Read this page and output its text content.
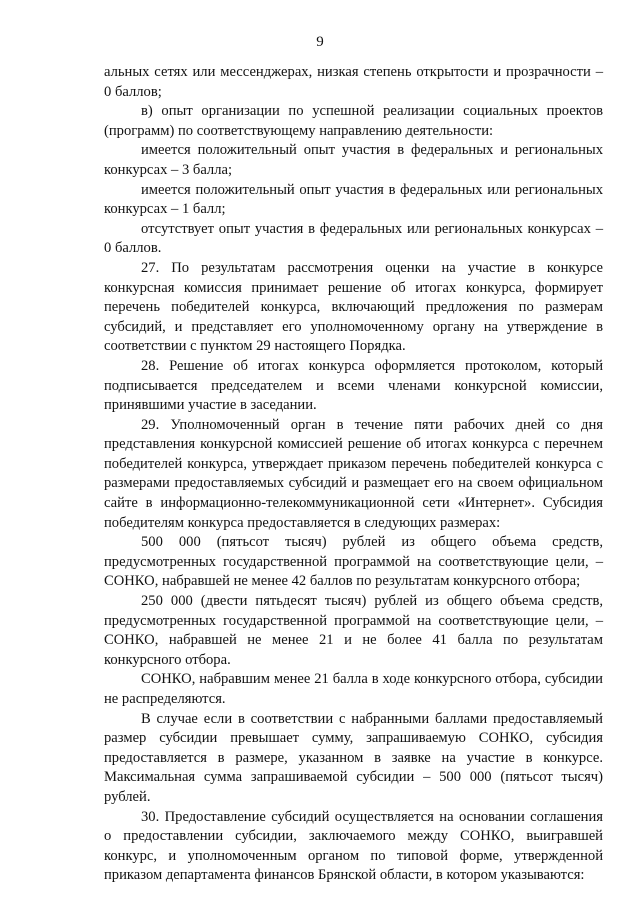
9

альных сетях или мессенджерах, низкая степень открытости и прозрачности – 0 баллов;

в) опыт организации по успешной реализации социальных проектов (программ) по соответствующему направлению деятельности:

имеется положительный опыт участия в федеральных и региональных конкурсах – 3 балла;

имеется положительный опыт участия в федеральных или региональных конкурсах – 1 балл;

отсутствует опыт участия в федеральных или региональных конкурсах – 0 баллов.

27. По результатам рассмотрения оценки на участие в конкурсе конкурсная комиссия принимает решение об итогах конкурса, формирует перечень победителей конкурса, включающий предложения по размерам субсидий, и представляет его уполномоченному органу на утверждение в соответствии с пунктом 29 настоящего Порядка.

28. Решение об итогах конкурса оформляется протоколом, который подписывается председателем и всеми членами конкурсной комиссии, принявшими участие в заседании.

29. Уполномоченный орган в течение пяти рабочих дней со дня представления конкурсной комиссией решение об итогах конкурса с перечнем победителей конкурса, утверждает приказом перечень победителей конкурса с размерами предоставляемых субсидий и размещает его на своем официальном сайте в информационно-телекоммуникационной сети «Интернет». Субсидия победителям конкурса предоставляется в следующих размерах:

500 000 (пятьсот тысяч) рублей из общего объема средств, предусмотренных государственной программой на соответствующие цели, – СОНКО, набравшей не менее 42 баллов по результатам конкурсного отбора;

250 000 (двести пятьдесят тысяч) рублей из общего объема средств, предусмотренных государственной программой на соответствующие цели, – СОНКО, набравшей не менее 21 и не более 41 балла по результатам конкурсного отбора.

СОНКО, набравшим менее 21 балла в ходе конкурсного отбора, субсидии не распределяются.

В случае если в соответствии с набранными баллами предоставляемый размер субсидии превышает сумму, запрашиваемую СОНКО, субсидия предоставляется в размере, указанном в заявке на участие в конкурсе. Максимальная сумма запрашиваемой субсидии – 500 000 (пятьсот тысяч) рублей.

30. Предоставление субсидий осуществляется на основании соглашения о предоставлении субсидии, заключаемого между СОНКО, выигравшей конкурс, и уполномоченным органом по типовой форме, утвержденной приказом департамента финансов Брянской области, в котором указываются:
